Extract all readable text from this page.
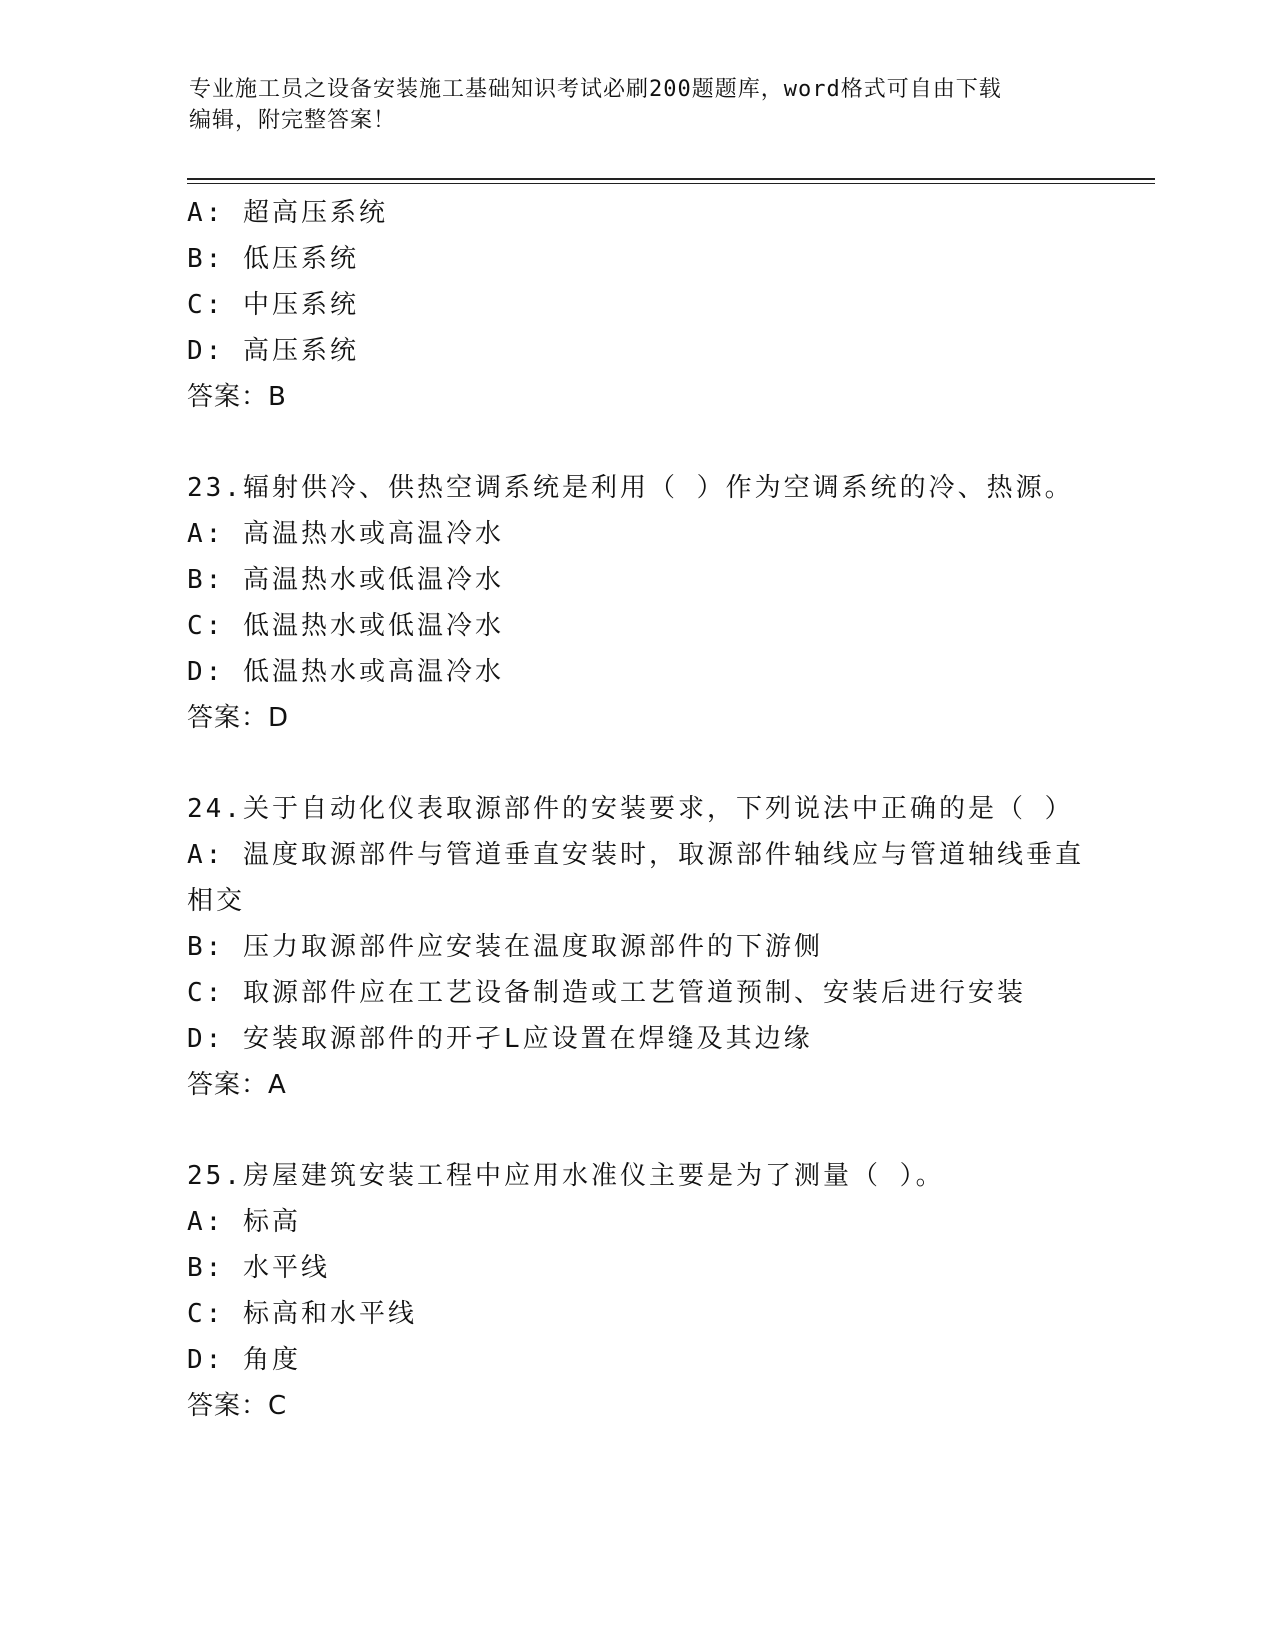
专业施工员之设备安装施工基础知识考试必刷200题题库，word格式可自由下载
编辑，附完整答案！
A: 超高压系统
B: 低压系统
C: 中压系统
D: 高压系统
答案：B
23.辐射供冷、供热空调系统是利用（ ）作为空调系统的冷、热源。
A: 高温热水或高温冷水
B: 高温热水或低温冷水
C: 低温热水或低温冷水
D: 低温热水或高温冷水
答案：D
24.关于自动化仪表取源部件的安装要求，下列说法中正确的是（ ）
A: 温度取源部件与管道垂直安装时，取源部件轴线应与管道轴线垂直
相交
B: 压力取源部件应安装在温度取源部件的下游侧
C: 取源部件应在工艺设备制造或工艺管道预制、安装后进行安装
D: 安装取源部件的开孑L应设置在焊缝及其边缘
答案：A
25.房屋建筑安装工程中应用水准仪主要是为了测量（ ）。
A: 标高
B: 水平线
C: 标高和水平线
D: 角度
答案：C
